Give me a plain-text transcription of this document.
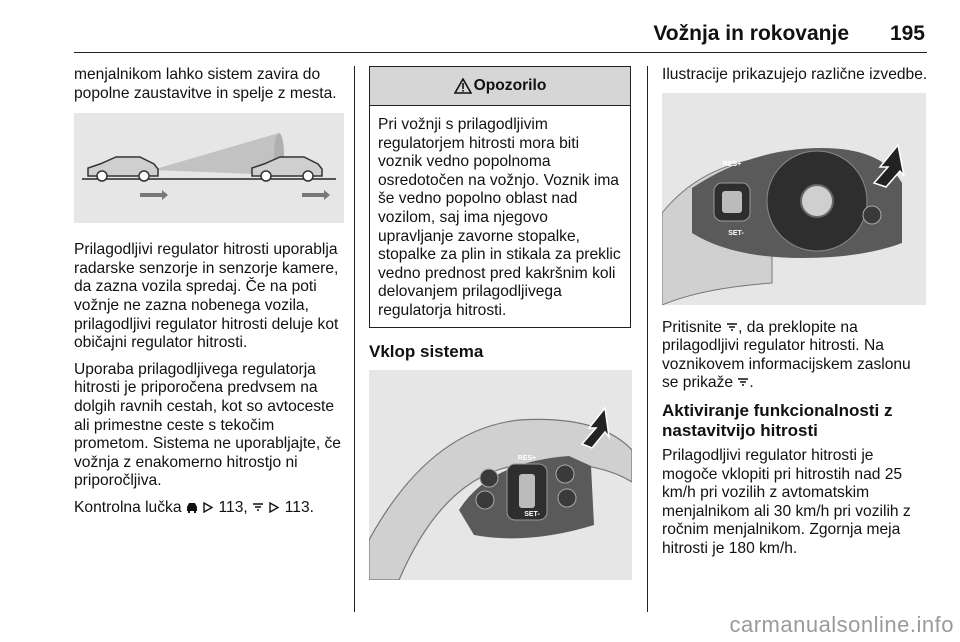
Vožnja in rokovanje 195

menjalnikom lahko sistem zavira do popolne zaustavitve in spelje z mesta.

Prilagodljivi regulator hitrosti uporablja radarske senzorje in senzorje kamere, da zazna vozila spredaj. Če na poti vožnje ne zazna nobenega vozila, prilagodljivi regulator hitrosti deluje kot običajni regulator hitrosti.

Uporaba prilagodljivega regulatorja hitrosti je priporočena predvsem na dolgih ravnih cestah, kot so avtoceste ali primestne ceste s tekočim prometom. Sistema ne uporabljajte, če vožnja z enakomerno hitrostjo ni priporočljiva.

Kontrolna lučka 113, 113.

Opozorilo
Pri vožnji s prilagodljivim regulatorjem hitrosti mora biti voznik vedno popolnoma osredotočen na vožnjo. Voznik ima še vedno popolno oblast nad vozilom, saj ima njegovo upravljanje zavorne stopalke, stopalke za plin in stikala za preklic vedno prednost pred kakršnim koli delovanjem prilagodljivega regulatorja hitrosti.
Vklop sistema
RES+
SET-

Ilustracije prikazujejo različne izvedbe.

RES+
SET-

Pritisnite , da preklopite na prilagodljivi regulator hitrosti. Na voznikovem informacijskem zaslonu se prikaže .

Aktiviranje funkcionalnosti z nastavitvijo hitrosti

Prilagodljivi regulator hitrosti je mogoče vklopiti pri hitrostih nad 25 km/h pri vozilih z avtomatskim menjalnikom ali 30 km/h pri vozilih z ročnim menjalnikom. Zgornja meja hitrosti je 180 km/h.

carmanualsonline.info
